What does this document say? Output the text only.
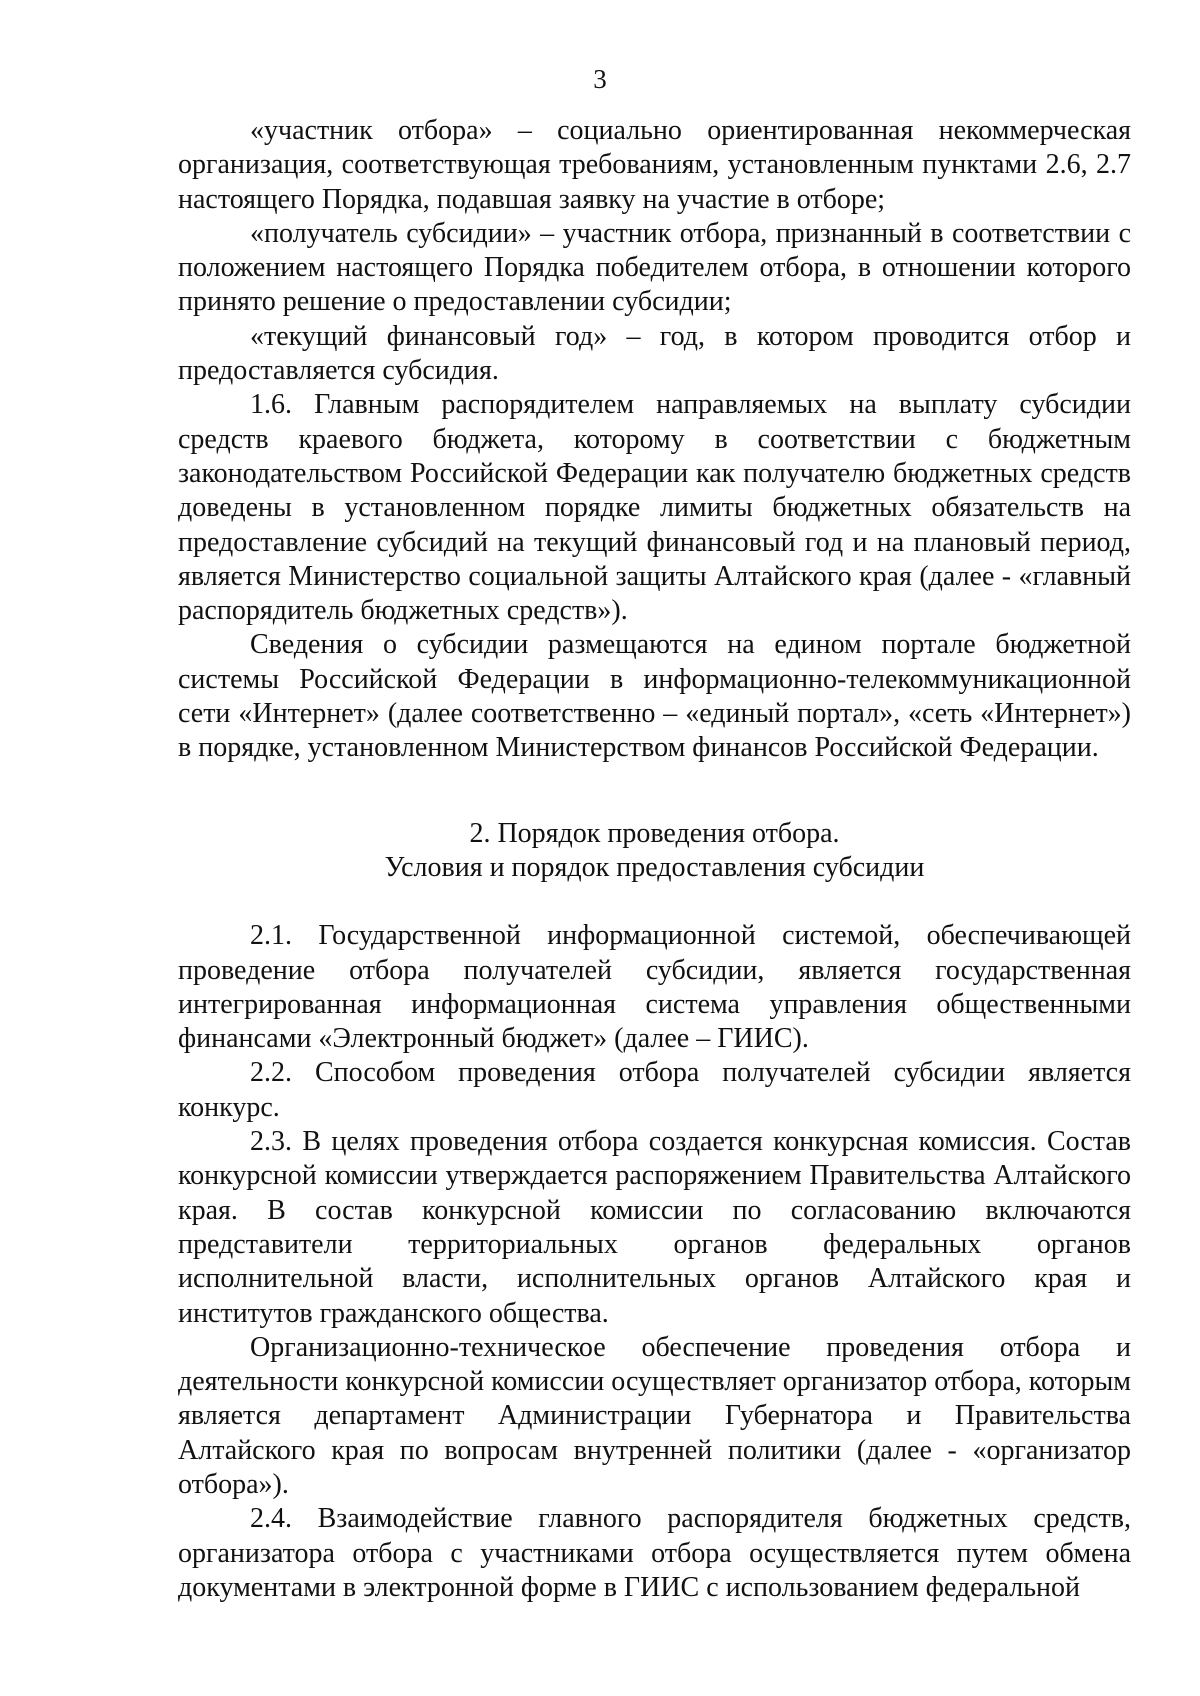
3

«участник отбора» – социально ориентированная некоммерческая организация, соответствующая требованиям, установленным пунктами 2.6, 2.7 настоящего Порядка, подавшая заявку на участие в отборе;

«получатель субсидии» – участник отбора, признанный в соответствии с положением настоящего Порядка победителем отбора, в отношении которого принято решение о предоставлении субсидии;

«текущий финансовый год» – год, в котором проводится отбор и предоставляется субсидия.

1.6. Главным распорядителем направляемых на выплату субсидии средств краевого бюджета, которому в соответствии с бюджетным законодательством Российской Федерации как получателю бюджетных средств доведены в установленном порядке лимиты бюджетных обязательств на предоставление субсидий на текущий финансовый год и на плановый период, является Министерство социальной защиты Алтайского края (далее - «главный распорядитель бюджетных средств»).

Сведения о субсидии размещаются на едином портале бюджетной системы Российской Федерации в информационно-телекоммуникационной сети «Интернет» (далее соответственно – «единый портал», «сеть «Интернет») в порядке, установленном Министерством финансов Российской Федерации.

2. Порядок проведения отбора.

Условия и порядок предоставления субсидии

2.1. Государственной информационной системой, обеспечивающей проведение отбора получателей субсидии, является государственная интегрированная информационная система управления общественными финансами «Электронный бюджет» (далее – ГИИС).

2.2. Способом проведения отбора получателей субсидии является конкурс.

2.3. В целях проведения отбора создается конкурсная комиссия. Состав конкурсной комиссии утверждается распоряжением Правительства Алтайского края. В состав конкурсной комиссии по согласованию включаются представители территориальных органов федеральных органов исполнительной власти, исполнительных органов Алтайского края и институтов гражданского общества.

Организационно-техническое обеспечение проведения отбора и деятельности конкурсной комиссии осуществляет организатор отбора, которым является департамент Администрации Губернатора и Правительства Алтайского края по вопросам внутренней политики (далее - «организатор отбора»).

2.4. Взаимодействие главного распорядителя бюджетных средств, организатора отбора с участниками отбора осуществляется путем обмена документами в электронной форме в ГИИС с использованием федеральной
